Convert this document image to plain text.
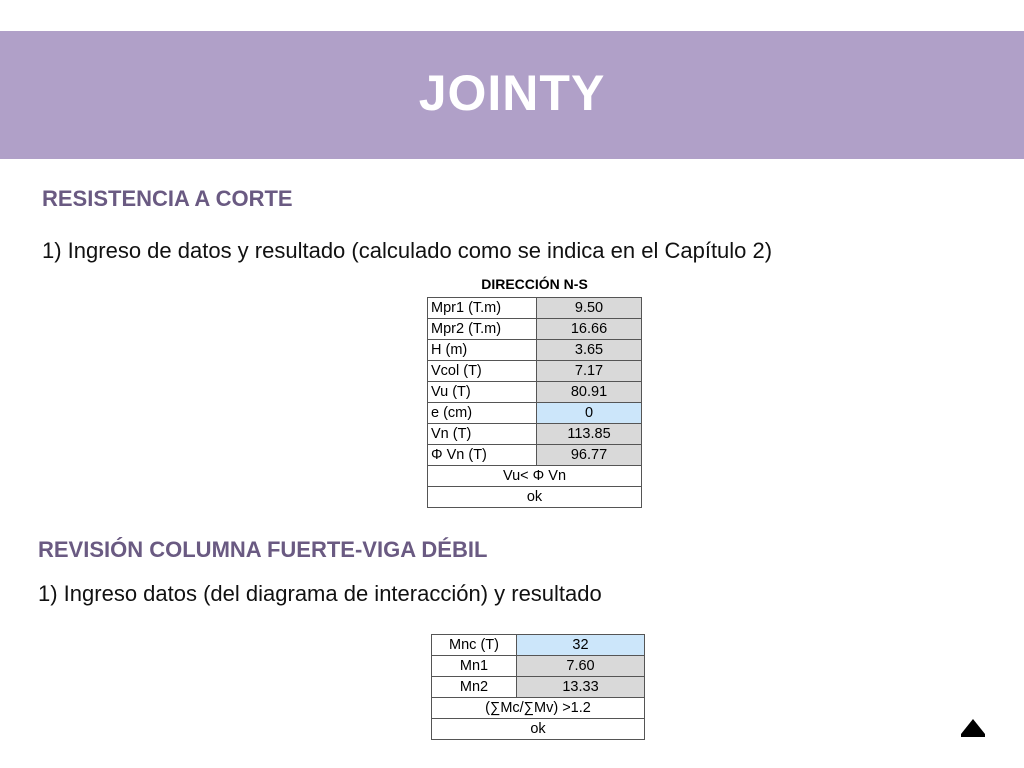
JOINTY
RESISTENCIA A CORTE
1) Ingreso de datos y resultado (calculado como se indica en el Capítulo 2)
DIRECCIÓN N-S
Mpr1 (T.m)	9.50
Mpr2 (T.m)	16.66
H (m)	3.65
Vcol (T)	7.17
Vu (T)	80.91
e (cm)	0
Vn (T)	113.85
Φ Vn (T)	96.77
Vu< Φ Vn	
ok	
REVISIÓN COLUMNA FUERTE-VIGA DÉBIL
1) Ingreso datos (del diagrama de interacción) y resultado
Mnc (T)	32
Mn1	7.60
Mn2	13.33
(∑Mc/∑Mv) >1.2	
ok	
